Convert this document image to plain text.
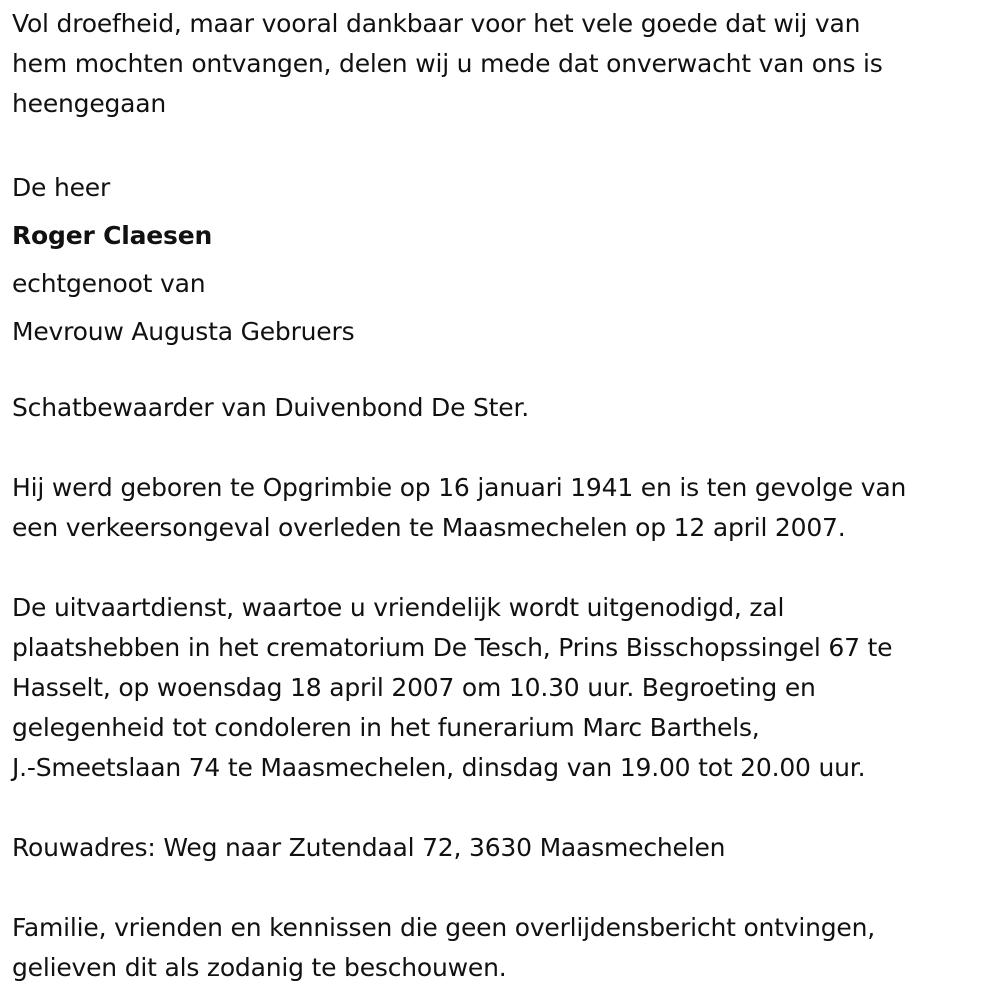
Vol droefheid, maar vooral dankbaar voor het vele goede dat wij van
hem mochten ontvangen, delen wij u mede dat onverwacht van ons is
heengegaan

De heer
Roger Claesen
echtgenoot van
Mevrouw Augusta Gebruers

Schatbewaarder van Duivenbond De Ster.

Hij werd geboren te Opgrimbie op 16 januari 1941 en is ten gevolge van
een verkeersongeval overleden te Maasmechelen op 12 april 2007.

De uitvaartdienst, waartoe u vriendelijk wordt uitgenodigd, zal
plaatshebben in het crematorium De Tesch, Prins Bisschopssingel 67 te
Hasselt, op woensdag 18 april 2007 om 10.30 uur. Begroeting en
gelegenheid tot condoleren in het funerarium Marc Barthels,
J.-Smeetslaan 74 te Maasmechelen, dinsdag van 19.00 tot 20.00 uur.

Rouwadres: Weg naar Zutendaal 72, 3630 Maasmechelen

Familie, vrienden en kennissen die geen overlijdensbericht ontvingen,
gelieven dit als zodanig te beschouwen.
